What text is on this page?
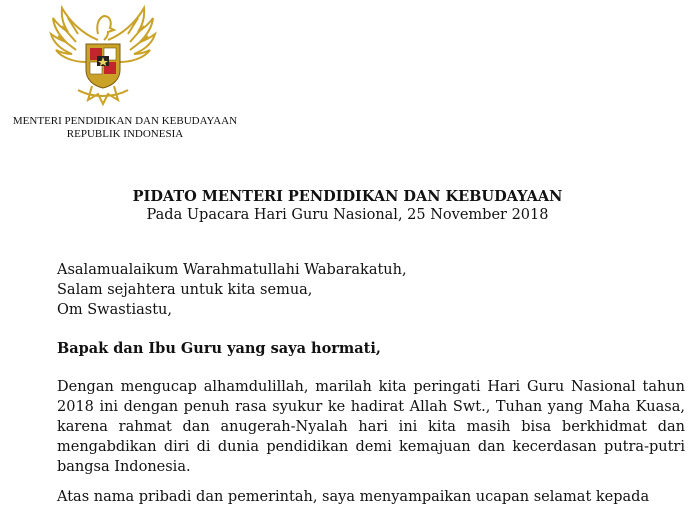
MENTERI PENDIDIKAN DAN KEBUDAYAAN
REPUBLIK INDONESIA
PIDATO MENTERI PENDIDIKAN DAN KEBUDAYAAN
Pada Upacara Hari Guru Nasional, 25 November 2018
Asalamualaikum Warahmatullahi Wabarakatuh,
Salam sejahtera untuk kita semua,
Om Swastiastu,
Bapak dan Ibu Guru yang saya hormati,
Dengan mengucap alhamdulillah, marilah kita peringati Hari Guru Nasional tahun 2018 ini dengan penuh rasa syukur ke hadirat Allah Swt., Tuhan yang Maha Kuasa, karena rahmat dan anugerah-Nyalah hari ini kita masih bisa berkhidmat dan mengabdikan diri di dunia pendidikan demi kemajuan dan kecerdasan putra-putri bangsa Indonesia.
Atas nama pribadi dan pemerintah, saya menyampaikan ucapan selamat kepada
